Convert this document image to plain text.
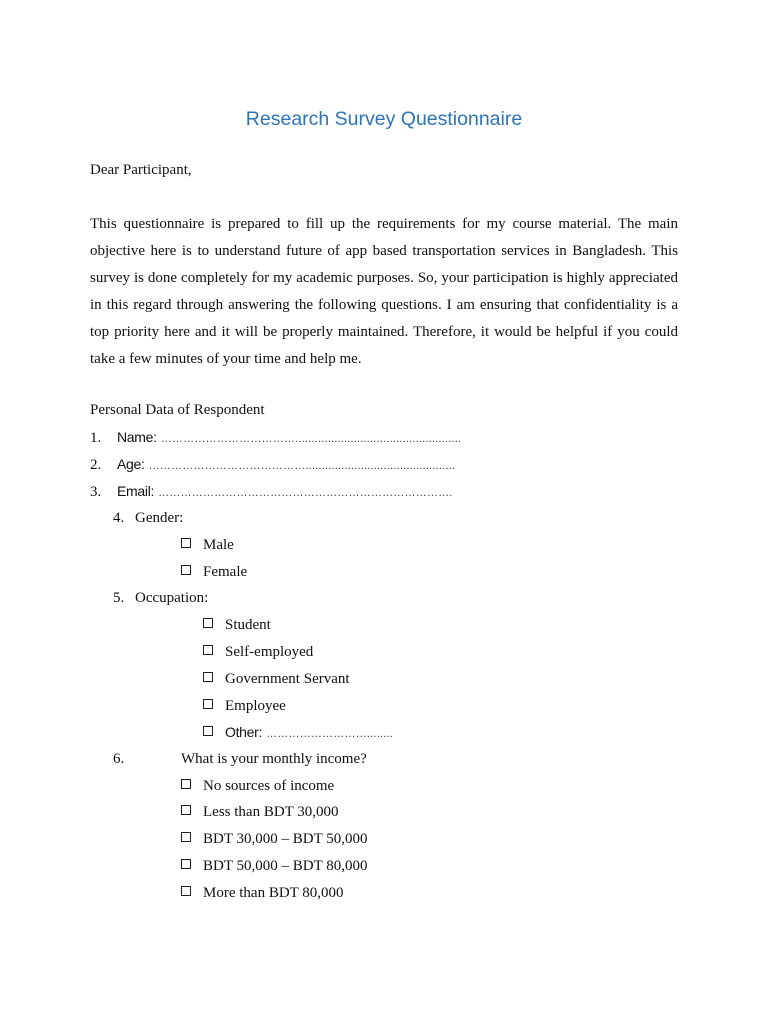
Research Survey Questionnaire
Dear Participant,
This questionnaire is prepared to fill up the requirements for my course material. The main
objective here is to understand future of app based transportation services in Bangladesh. This
survey is done completely for my academic purposes. So, your participation is highly appreciated
in this regard through answering the following questions. I am ensuring that confidentiality is a
top priority here and it will be properly maintained. Therefore, it would be helpful if you could
take a few minutes of your time and help me.
Personal Data of Respondent
1. Name: ………………………………...................................................
2. Age: ……………………………………..............................................
3. Email: …………………………………………………………………….
4. Gender:
Male
Female
5. Occupation:
Student
Self-employed
Government Servant
Employee
Other: ………………………........
6.	What is your monthly income?
No sources of income
Less than BDT 30,000
BDT 30,000 – BDT 50,000
BDT 50,000 – BDT 80,000
More than BDT 80,000
